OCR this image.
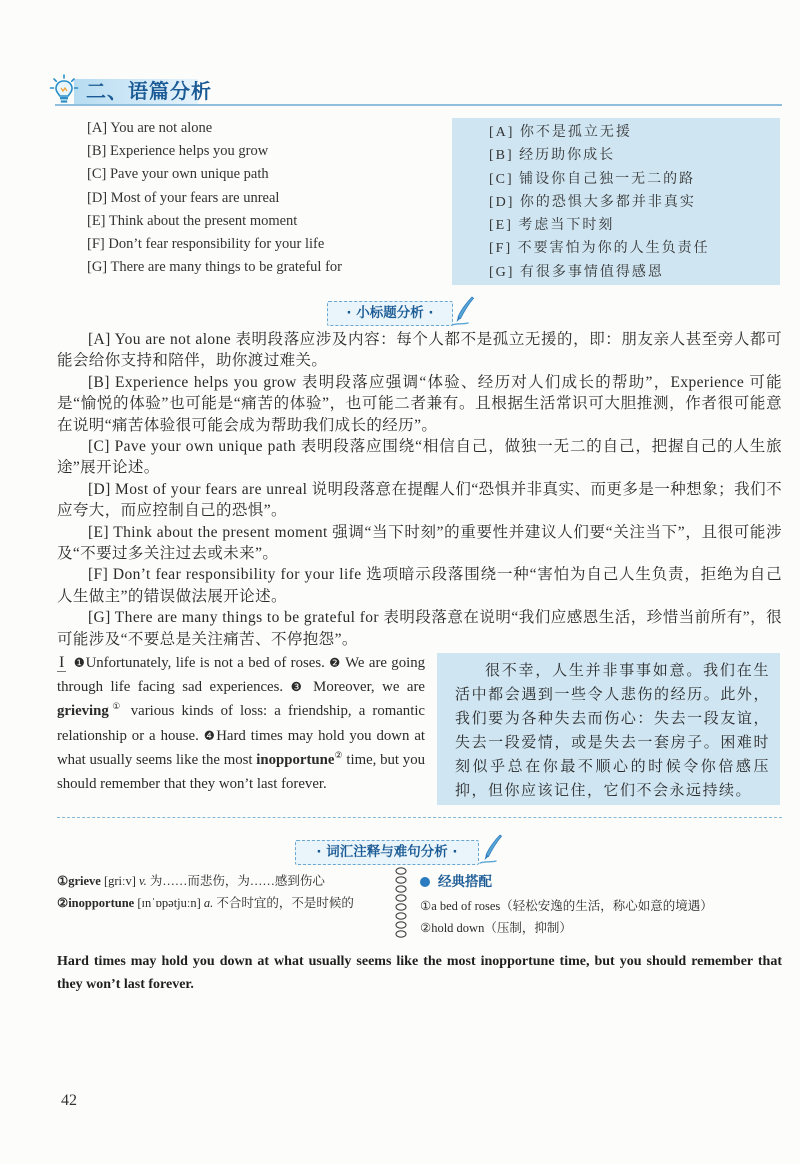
二、语篇分析
[A] You are not alone
[B] Experience helps you grow
[C] Pave your own unique path
[D] Most of your fears are unreal
[E] Think about the present moment
[F] Don’t fear responsibility for your life
[G] There are many things to be grateful for
[A] 你不是孤立无援
[B] 经历助你成长
[C] 铺设你自己独一无二的路
[D] 你的恐惧大多都并非真实
[E] 考虑当下时刻
[F] 不要害怕为你的人生负责任
[G] 有很多事情值得感恩
· 小标题分析 ·

[A] You are not alone 表明段落应涉及内容：每个人都不是孤立无援的，即：朋友亲人甚至旁人都可能会给你支持和陪伴，助你渡过难关。

[B] Experience helps you grow 表明段落应强调“体验、经历对人们成长的帮助”，Experience 可能是“愉悦的体验”也可能是“痛苦的体验”，也可能二者兼有。且根据生活常识可大胆推测，作者很可能意在说明“痛苦体验很可能会成为帮助我们成长的经历”。

[C] Pave your own unique path 表明段落应围绕“相信自己，做独一无二的自己，把握自己的人生旅途”展开论述。

[D] Most of your fears are unreal 说明段落意在提醒人们“恐惧并非真实、而更多是一种想象；我们不应夸大，而应控制自己的恐惧”。

[E] Think about the present moment 强调“当下时刻”的重要性并建议人们要“关注当下”，且很可能涉及“不要过多关注过去或未来”。

[F] Don’t fear responsibility for your life 选项暗示段落围绕一种“害怕为自己人生负责，拒绝为自己人生做主”的错误做法展开论述。

[G] There are many things to be grateful for 表明段落意在说明“我们应感恩生活，珍惜当前所有”，很可能涉及“不要总是关注痛苦、不停抱怨”。

I ❶Unfortunately, life is not a bed of roses. ❷ We are going through life facing sad experiences. ❸ Moreover, we are grieving① various kinds of loss: a friendship, a romantic relationship or a house. ❹Hard times may hold you down at what usually seems like the most inopportune② time, but you should remember that they won’t last forever.

很不幸，人生并非事事如意。我们在生活中都会遇到一些令人悲伤的经历。此外，我们要为各种失去而伤心：失去一段友谊，失去一段爱情，或是失去一套房子。困难时刻似乎总在你最不顺心的时候令你倍感压抑，但你应该记住，它们不会永远持续。

· 词汇注释与难句分析 ·
①grieve [griːv] v. 为……而悲伤，为……感到伤心
②inopportune [ɪnˈɒpətjuːn] a. 不合时宜的，不是时候的
经典搭配
①a bed of roses（轻松安逸的生活，称心如意的境遇）
②hold down（压制，抑制）
Hard times may hold you down at what usually seems like the most inopportune time, but you should remember that they won’t last forever.
42
